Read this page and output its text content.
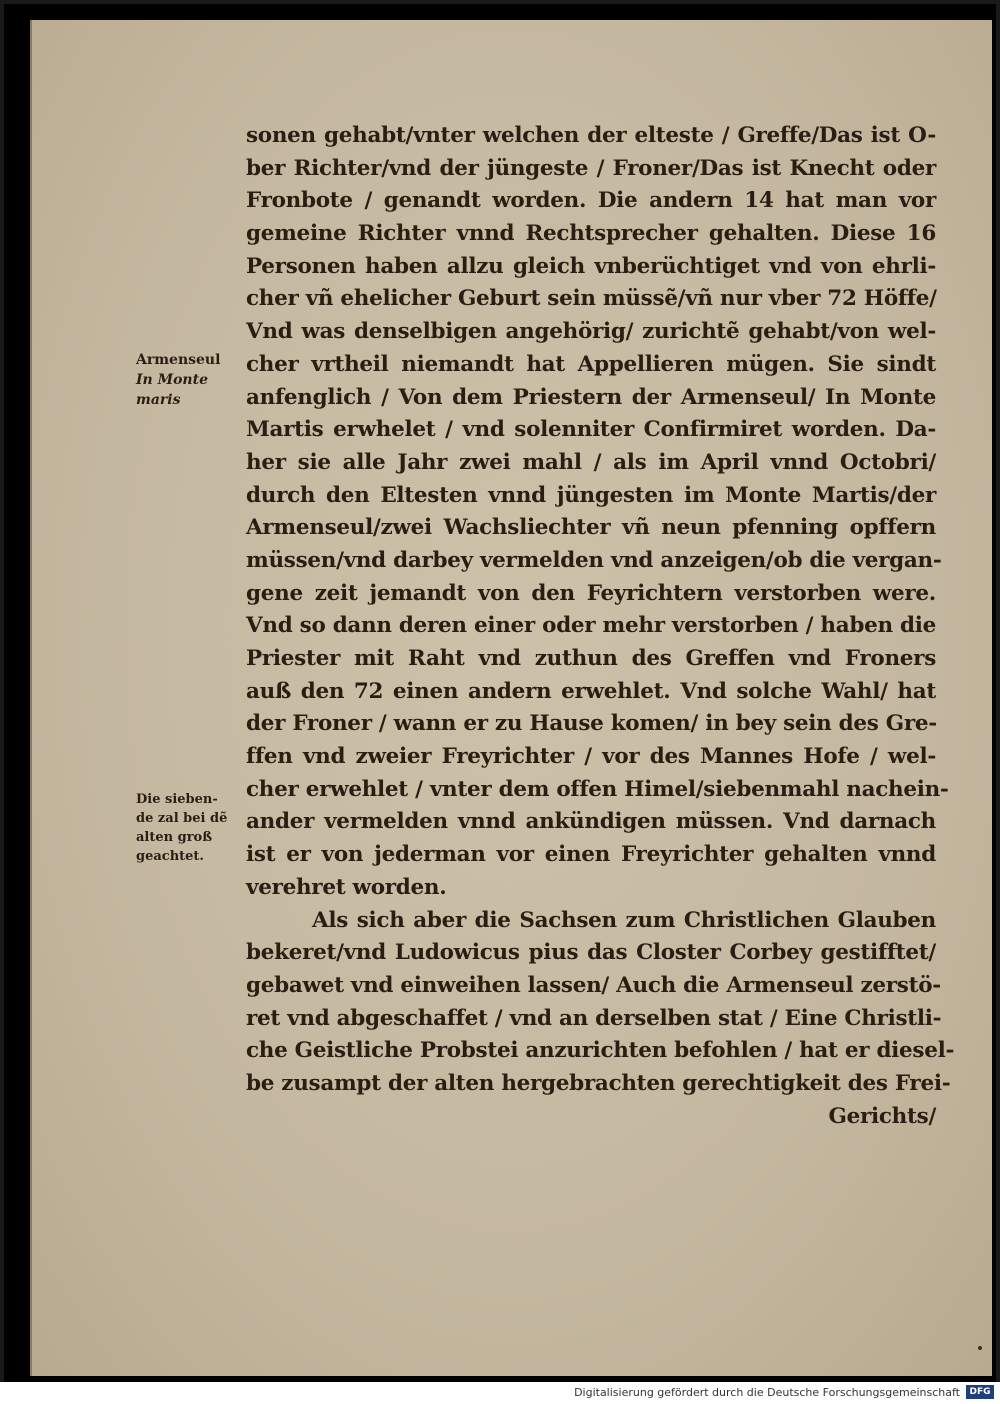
sonen gehabt/vnter welchen der elteste / Greffe/Das ist O-
ber Richter/vnd der jüngeste / Froner/Das ist Knecht oder
Fronbote / genandt worden. Die andern 14 hat man vor
gemeine Richter vnnd Rechtsprecher gehalten. Diese 16
Personen haben allzu gleich vnberüchtiget vnd von ehrli-
cher vñ ehelicher Geburt sein müssẽ/vñ nur vber 72 Höffe/
Vnd was denselbigen angehörig/ zurichtẽ gehabt/von wel-
cher vrtheil niemandt hat Appellieren mügen. Sie sindt
anfenglich / Von dem Priestern der Armenseul/ In Monte
Martis erwhelet / vnd solenniter Confirmiret worden. Da-
her sie alle Jahr zwei mahl / als im April vnnd Octobri/
durch den Eltesten vnnd jüngesten im Monte Martis/der
Armenseul/zwei Wachsliechter vñ neun pfenning opffern
müssen/vnd darbey vermelden vnd anzeigen/ob die vergan-
gene zeit jemandt von den Feyrichtern verstorben were.
Vnd so dann deren einer oder mehr verstorben / haben die
Priester mit Raht vnd zuthun des Greffen vnd Froners
auß den 72 einen andern erwehlet. Vnd solche Wahl/ hat
der Froner / wann er zu Hause komen/ in bey sein des Gre-
ffen vnd zweier Freyrichter / vor des Mannes Hofe / wel-
cher erwehlet / vnter dem offen Himel/siebenmahl nachein-
ander vermelden vnnd ankündigen müssen. Vnd darnach
ist er von jederman vor einen Freyrichter gehalten vnnd
verehret worden.
Als sich aber die Sachsen zum Christlichen Glauben
bekeret/vnd Ludowicus pius das Closter Corbey gestifftet/
gebawet vnd einweihen lassen/ Auch die Armenseul zerstö-
ret vnd abgeschaffet / vnd an derselben stat / Eine Christli-
che Geistliche Probstei anzurichten befohlen / hat er diesel-
be zusampt der alten hergebrachten gerechtigkeit des Frei-
Gerichts/
Armenseul
In Monte
maris
Die sieben-
de zal bei dẽ
alten groß
geachtet.
Digitalisierung gefördert durch die Deutsche Forschungsgemeinschaft	DFG
